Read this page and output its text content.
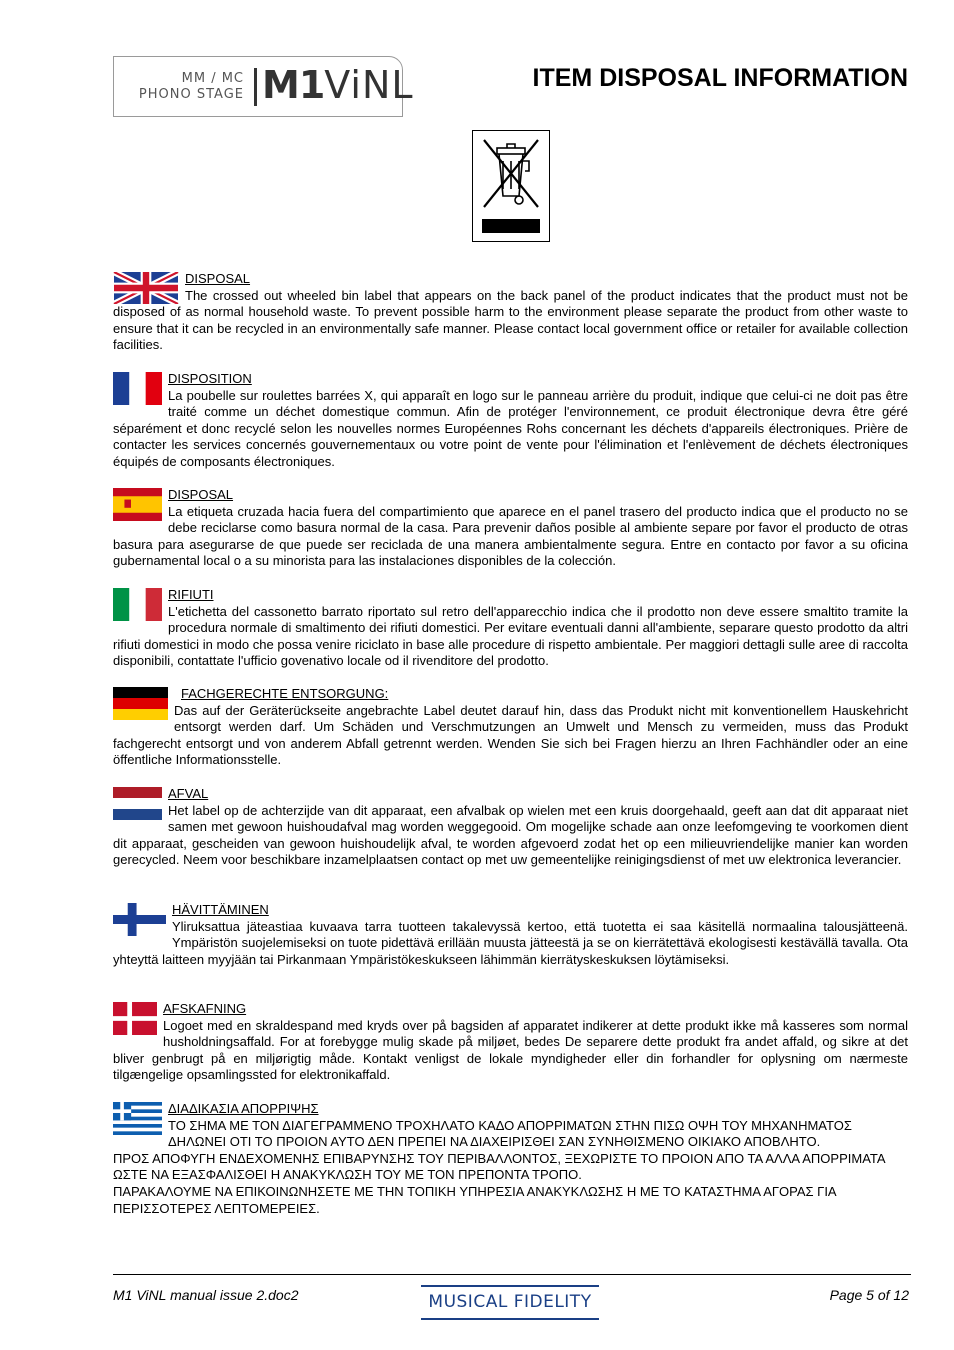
MM / MC
PHONO STAGE M1ViNL	ITEM DISPOSAL INFORMATION
DISPOSAL
The crossed out wheeled bin label that appears on the back panel of the product indicates that the product must not be disposed of as normal household waste. To prevent possible harm to the environment please separate the product from other waste to ensure that it can be recycled in an environmentally safe manner. Please contact local government office or retailer for available collection facilities.
DISPOSITION
La poubelle sur roulettes barrées X, qui apparaît en logo sur le panneau arrière du produit, indique que celui-ci ne doit pas être traité comme un déchet domestique commun. Afin de protéger l'environnement, ce produit électronique devra être géré séparément et donc recyclé selon les nouvelles normes Européennes Rohs concernant les déchets d'appareils électroniques. Prière de contacter les services concernés gouvernementaux ou votre point de vente pour l'élimination et l'enlèvement de déchets électroniques équipés de composants électroniques.
DISPOSAL
La etiqueta cruzada hacia fuera del compartimiento que aparece en el panel trasero del producto indica que el producto no se debe reciclarse como basura normal de la casa. Para prevenir daños posible al ambiente separe por favor el producto de otras basura para asegurarse de que puede ser reciclada de una manera ambientalmente segura. Entre en contacto por favor a su oficina gubernamental local o a su minorista para las instalaciones disponibles de la colección.
RIFIUTI
L'etichetta del cassonetto barrato riportato sul retro dell'apparecchio indica che il prodotto non deve essere smaltito tramite la procedura normale di smaltimento dei rifiuti domestici. Per evitare eventuali danni all'ambiente, separare questo prodotto da altri rifiuti domestici in modo che possa venire riciclato in base alle procedure di rispetto ambientale. Per maggiori dettagli sulle aree di raccolta disponibili, contattate l'ufficio govenativo locale od il rivenditore del prodotto.
FACHGERECHTE ENTSORGUNG:
Das auf der Geräterückseite angebrachte Label deutet darauf hin, dass das Produkt nicht mit konventionellem Hauskehricht entsorgt werden darf. Um Schäden und Verschmutzungen an Umwelt und Mensch zu vermeiden, muss das Produkt fachgerecht entsorgt und von anderem Abfall getrennt werden. Wenden Sie sich bei Fragen hierzu an Ihren Fachhändler oder an eine öffentliche Informationsstelle.
AFVAL
Het label op de achterzijde van dit apparaat, een afvalbak op wielen met een kruis doorgehaald, geeft aan dat dit apparaat niet samen met gewoon huishoudafval mag worden weggegooid. Om mogelijke schade aan onze leefomgeving te voorkomen dient dit apparaat, gescheiden van gewoon huishoudelijk afval, te worden afgevoerd zodat het op een milieuvriendelijke manier kan worden gerecycled. Neem voor beschikbare inzamelplaatsen contact op met uw gemeentelijke reinigingsdienst of met uw elektronica leverancier.
HÄVITTÄMINEN
Yliruksattua jäteastiaa kuvaava tarra tuotteen takalevyssä kertoo, että tuotetta ei saa käsitellä normaalina talousjätteenä. Ympäristön suojelemiseksi on tuote pidettävä erillään muusta jätteestä ja se on kierrätettävä ekologisesti kestävällä tavalla. Ota yhteyttä laitteen myyjään tai Pirkanmaan Ympäristökeskukseen lähimmän kierrätyskeskuksen löytämiseksi.
AFSKAFNING
Logoet med en skraldespand med kryds over på bagsiden af apparatet indikerer at dette produkt ikke må kasseres som normal husholdningsaffald. For at forebygge mulig skade på miljøet, bedes De separere dette produkt fra andet affald, og sikre at det bliver genbrugt på en miljørigtig måde. Kontakt venligst de lokale myndigheder eller din forhandler for oplysning om nærmeste tilgængelige opsamlingssted for elektronikaffald.
ΔΙΑΔΙΚΑΣΙΑ ΑΠΟΡΡΙΨΗΣ
ΤΟ ΣΗΜΑ ΜΕ ΤΟΝ ΔΙΑΓΕΓΡΑΜΜΕΝΟ ΤΡΟΧΗΛΑΤΟ ΚΑΔΟ ΑΠΟΡΡΙΜΑΤΩΝ ΣΤΗΝ ΠΙΣΩ ΟΨΗ ΤΟΥ ΜΗΧΑΝΗΜΑΤΟΣ
ΔΗΛΩΝΕΙ ΟΤΙ ΤΟ ΠΡΟΙΟΝ ΑΥΤΟ ΔΕΝ ΠΡΕΠΕΙ ΝΑ ΔΙΑΧΕΙΡΙΣΘΕΙ ΣΑΝ ΣΥΝΗΘΙΣΜΕΝΟ ΟΙΚΙΑΚΟ ΑΠΟΒΛΗΤΟ.
ΠΡΟΣ ΑΠΟΦΥΓΗ ΕΝΔΕΧΟΜΕΝΗΣ ΕΠΙΒΑΡΥΝΣΗΣ ΤΟΥ ΠΕΡΙΒΑΛΛΟΝΤΟΣ, ΞΕΧΩΡΙΣΤΕ ΤΟ ΠΡΟΙΟΝ ΑΠΟ ΤΑ ΑΛΛΑ ΑΠΟΡΡΙΜΑΤΑ ΩΣΤΕ ΝΑ ΕΞΑΣΦΑΛΙΣΘΕΙ Η ΑΝΑΚΥΚΛΩΣΗ ΤΟΥ ΜΕ ΤΟΝ ΠΡΕΠΟΝΤΑ ΤΡΟΠΟ.
ΠΑΡΑΚΑΛΟΥΜΕ ΝΑ ΕΠΙΚΟΙΝΩΝΗΣΕΤΕ ΜΕ ΤΗΝ ΤΟΠΙΚΗ ΥΠΗΡΕΣΙΑ ΑΝΑΚΥΚΛΩΣΗΣ Η ΜΕ ΤΟ ΚΑΤΑΣΤΗΜΑ ΑΓΟΡΑΣ ΓΙΑ ΠΕΡΙΣΣΟΤΕΡΕΣ ΛΕΠΤΟΜΕΡΕΙΕΣ.
M1 ViNL manual issue 2.doc2	MUSICAL FIDELITY	Page 5 of 12
